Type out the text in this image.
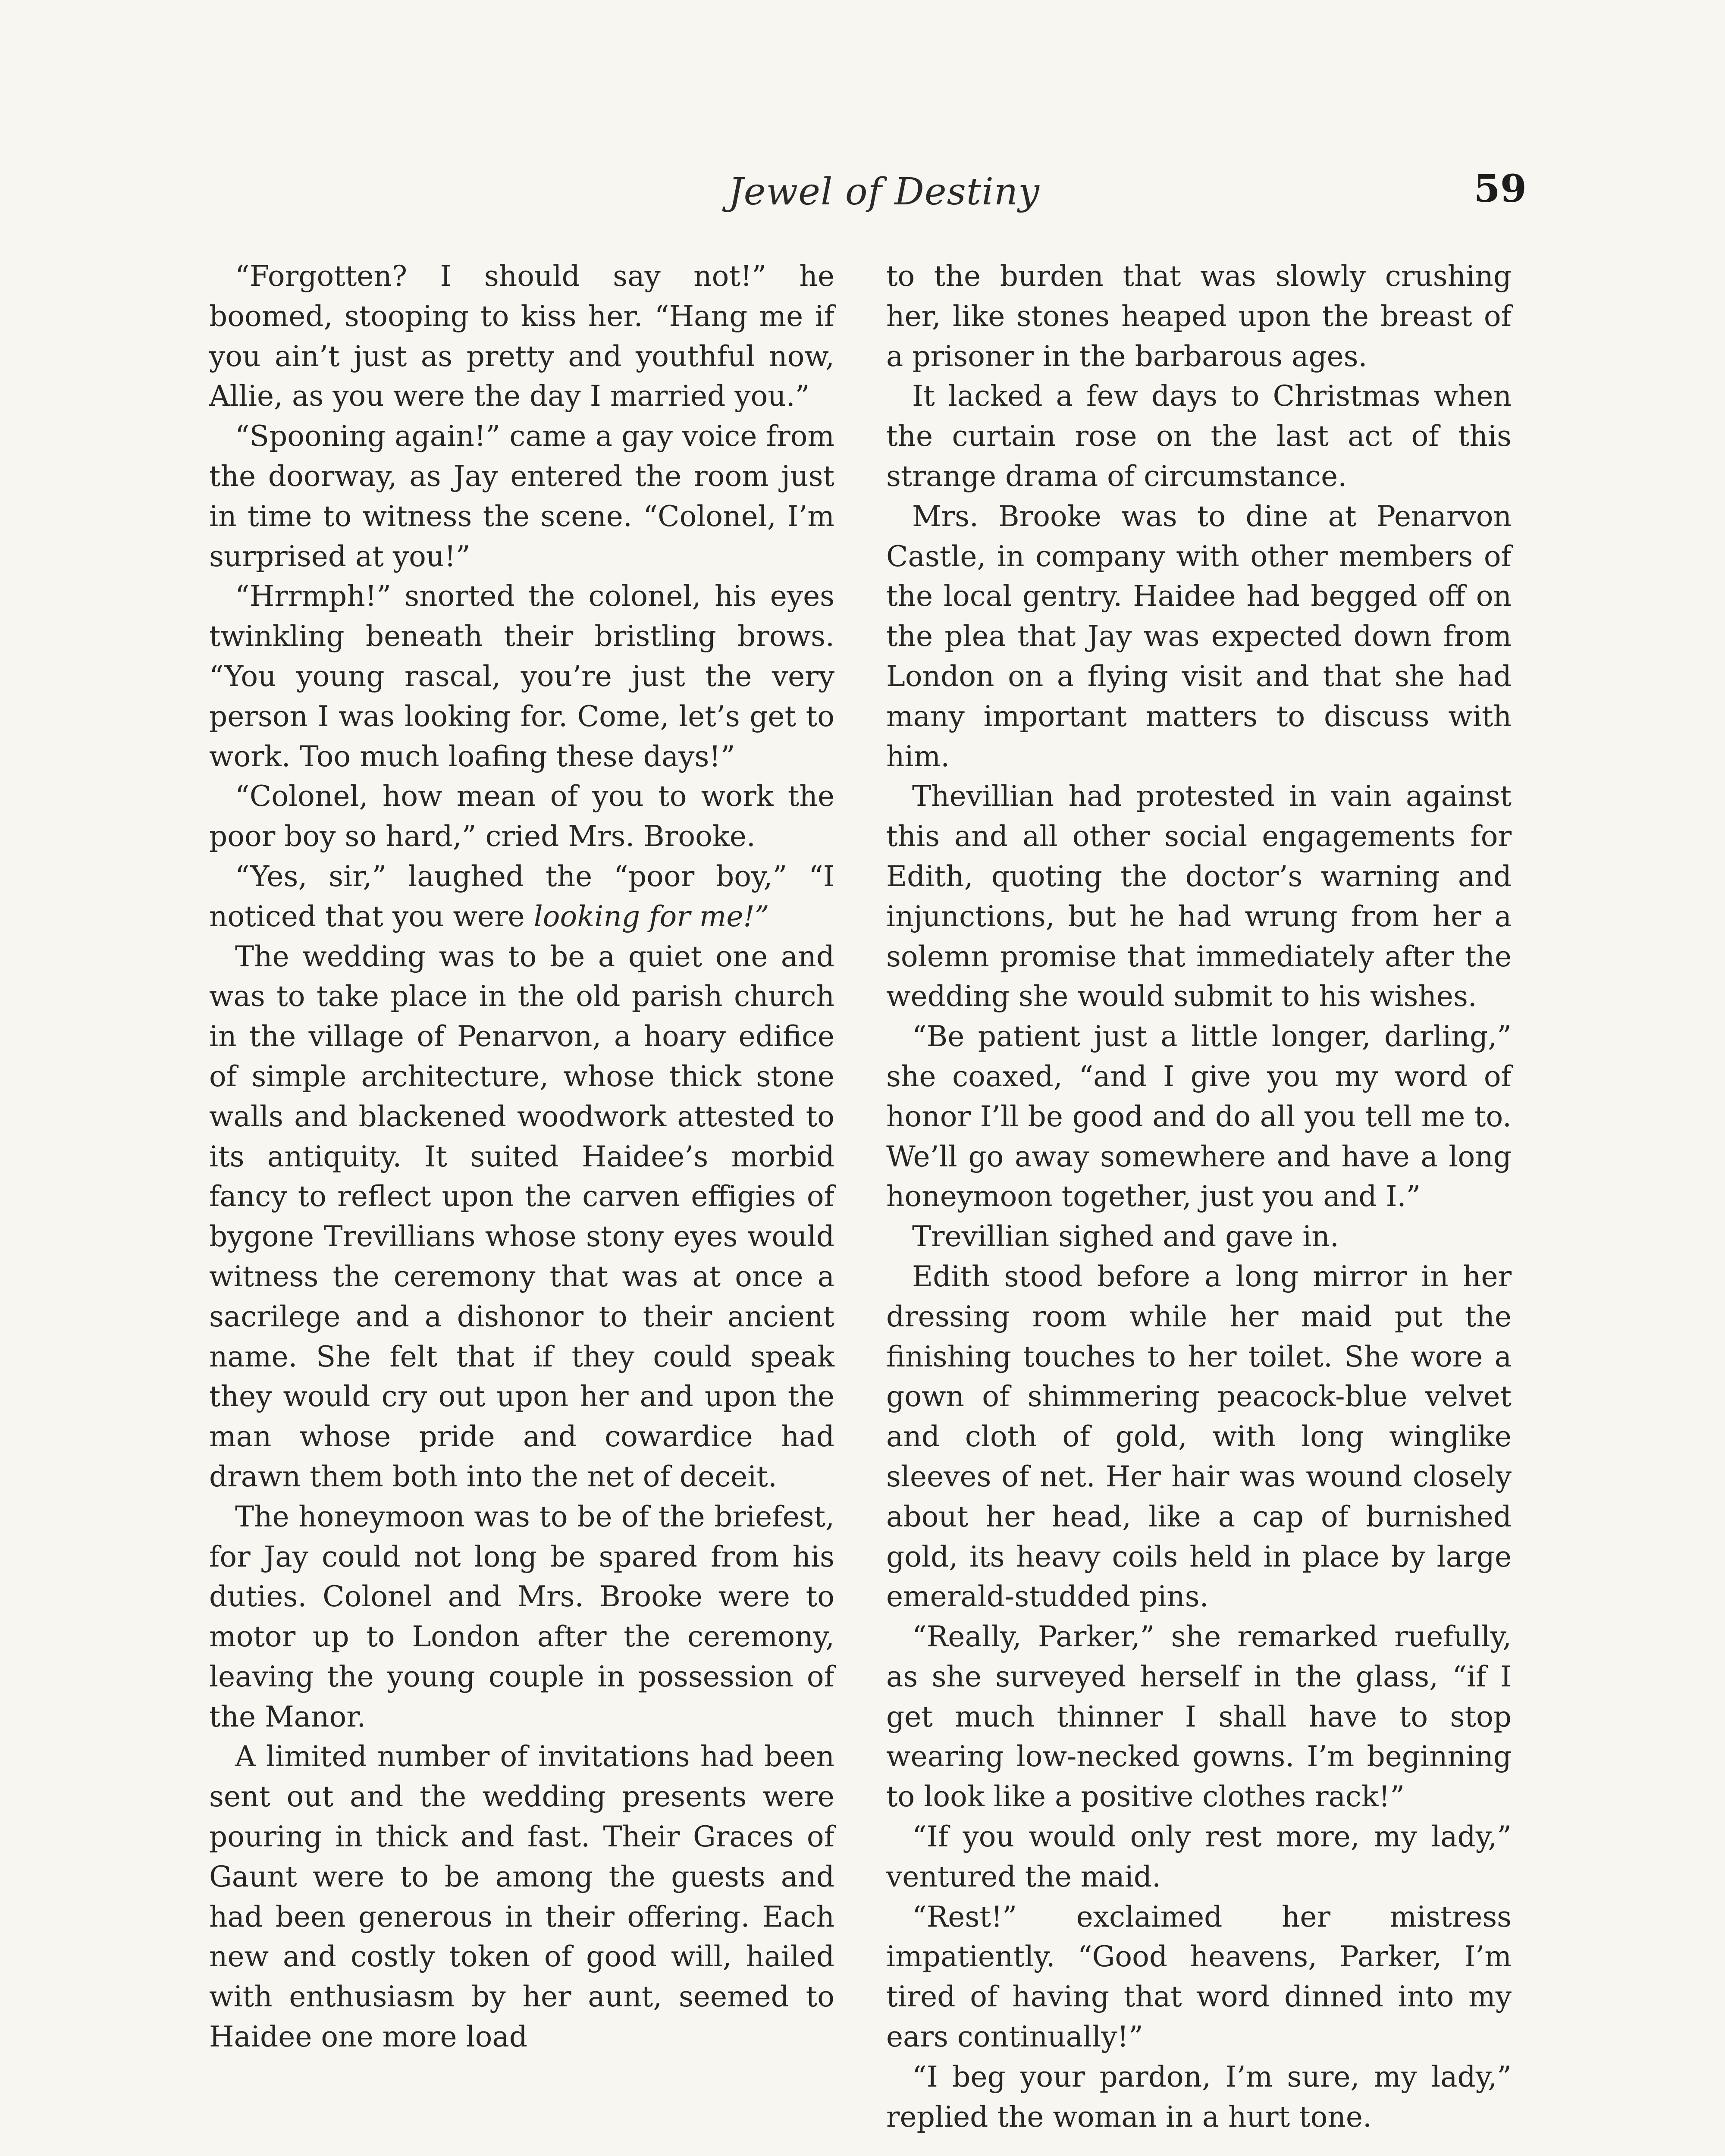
Jewel of Destiny	59

“Forgotten? I should say not!” he boomed, stooping to kiss her. “Hang me if you ain’t just as pretty and youthful now, Allie, as you were the day I married you.”

“Spooning again!” came a gay voice from the doorway, as Jay entered the room just in time to witness the scene. “Colonel, I’m surprised at you!”

“Hrrmph!” snorted the colonel, his eyes twinkling beneath their bristling brows. “You young rascal, you’re just the very person I was looking for. Come, let’s get to work. Too much loafing these days!”

“Colonel, how mean of you to work the poor boy so hard,” cried Mrs. Brooke.

“Yes, sir,” laughed the “poor boy,” “I noticed that you were looking for me!”

The wedding was to be a quiet one and was to take place in the old parish church in the village of Penarvon, a hoary edifice of simple architecture, whose thick stone walls and blackened woodwork attested to its antiquity. It suited Haidee’s morbid fancy to reflect upon the carven effigies of bygone Trevillians whose stony eyes would witness the ceremony that was at once a sacrilege and a dishonor to their ancient name. She felt that if they could speak they would cry out upon her and upon the man whose pride and cowardice had drawn them both into the net of deceit.

The honeymoon was to be of the briefest, for Jay could not long be spared from his duties. Colonel and Mrs. Brooke were to motor up to London after the ceremony, leaving the young couple in possession of the Manor.

A limited number of invitations had been sent out and the wedding presents were pouring in thick and fast. Their Graces of Gaunt were to be among the guests and had been generous in their offering. Each new and costly token of good will, hailed with enthusiasm by her aunt, seemed to Haidee one more load

to the burden that was slowly crushing her, like stones heaped upon the breast of a prisoner in the barbarous ages.

It lacked a few days to Christmas when the curtain rose on the last act of this strange drama of circumstance.

Mrs. Brooke was to dine at Penarvon Castle, in company with other members of the local gentry. Haidee had begged off on the plea that Jay was expected down from London on a flying visit and that she had many important matters to discuss with him.

Thevillian had protested in vain against this and all other social engagements for Edith, quoting the doctor’s warning and injunctions, but he had wrung from her a solemn promise that immediately after the wedding she would submit to his wishes.

“Be patient just a little longer, darling,” she coaxed, “and I give you my word of honor I’ll be good and do all you tell me to. We’ll go away somewhere and have a long honeymoon together, just you and I.”

Trevillian sighed and gave in.

Edith stood before a long mirror in her dressing room while her maid put the finishing touches to her toilet. She wore a gown of shimmering peacock-blue velvet and cloth of gold, with long winglike sleeves of net. Her hair was wound closely about her head, like a cap of burnished gold, its heavy coils held in place by large emerald-studded pins.

“Really, Parker,” she remarked ruefully, as she surveyed herself in the glass, “if I get much thinner I shall have to stop wearing low-necked gowns. I’m beginning to look like a positive clothes rack!”

“If you would only rest more, my lady,” ventured the maid.

“Rest!” exclaimed her mistress impatiently. “Good heavens, Parker, I’m tired of having that word dinned into my ears continually!”

“I beg your pardon, I’m sure, my lady,” replied the woman in a hurt tone.
